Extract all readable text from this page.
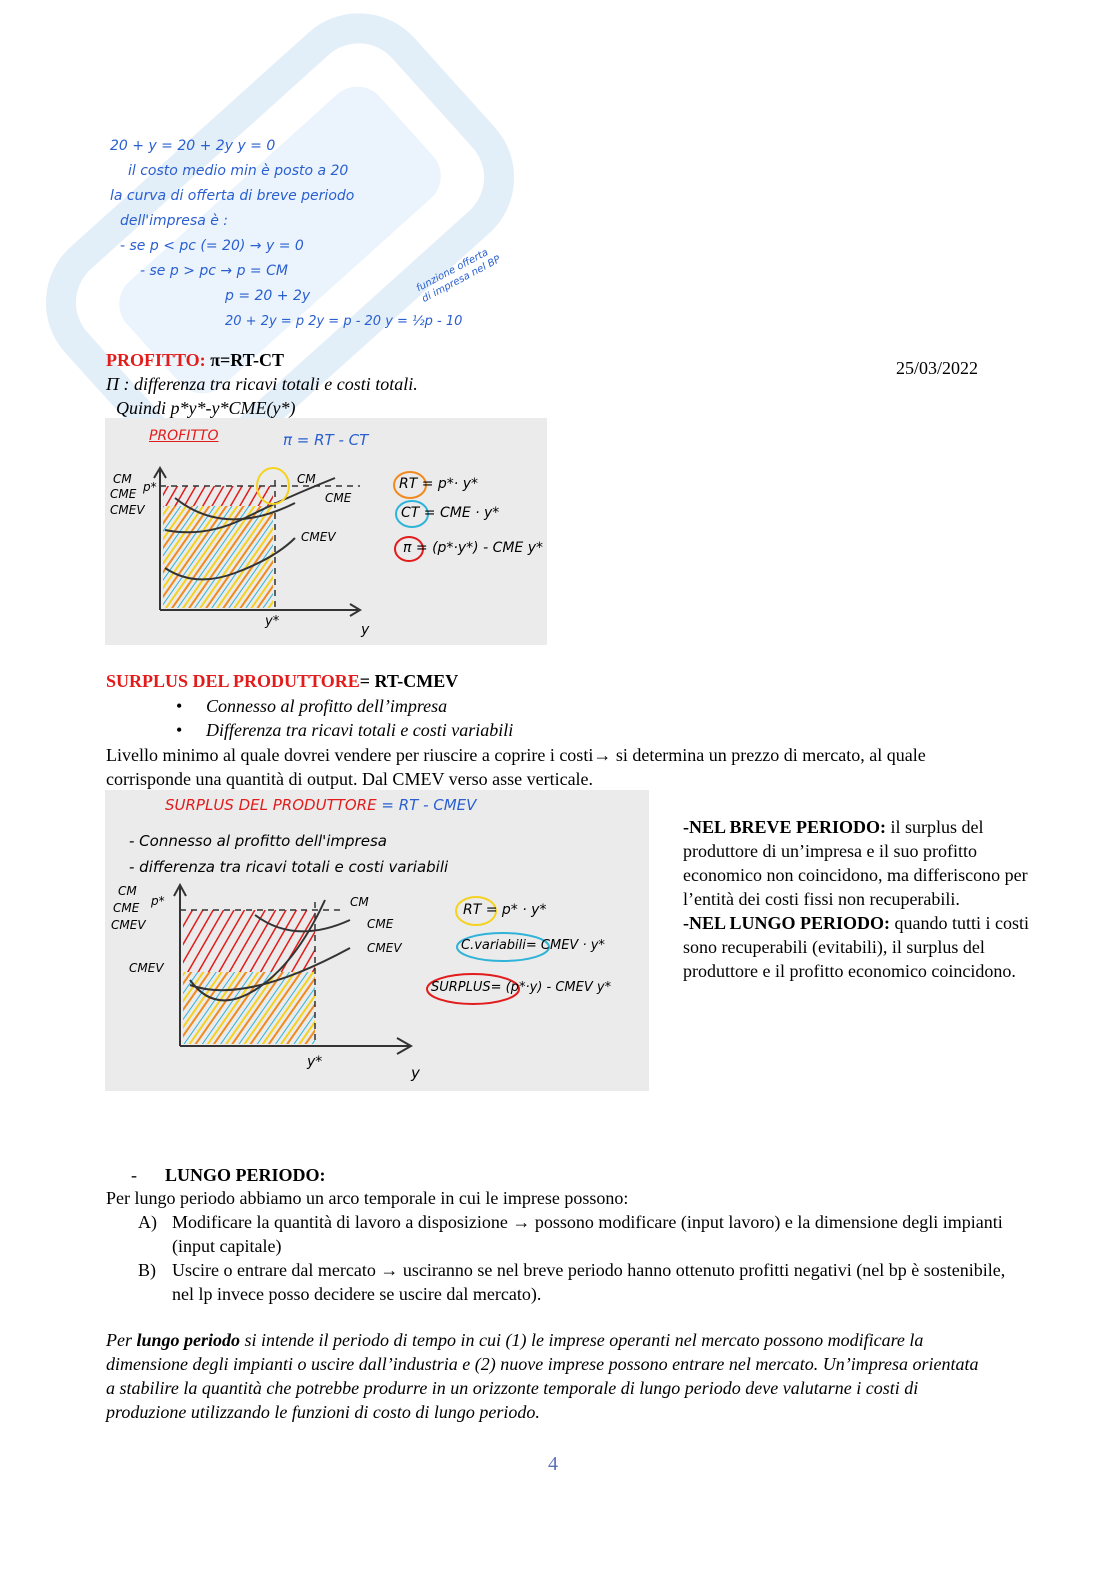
20 + y = 20 + 2y y = 0
il costo medio min è posto a 20
la curva di offerta di breve periodo
dell'impresa è :
- se p < pc (= 20) → y = 0
- se p > pc → p = CM
p = 20 + 2y
20 + 2y = p 2y = p - 20 y = ½p - 10
funzione offerta di impresa nel BP
PROFITTO: π=RT-CT	25/03/2022
Π : differenza tra ricavi totali e costi totali.
Quindi p*y*-y*CME(y*)
PROFITTO	π = RT - CT
CM
CME
CMEV
p*
CM
CME
CMEV
RT = p*· y*
CT = CME · y*
π = (p*·y*) - CME y*
y*
y
SURPLUS DEL PRODUTTORE= RT-CMEV
• Connesso al profitto dell’impresa
• Differenza tra ricavi totali e costi variabili
Livello minimo al quale dovrei vendere per riuscire a coprire i costi→ si determina un prezzo di mercato, al quale corrisponde una quantità di output. Dal CMEV verso asse verticale.
SURPLUS DEL PRODUTTORE = RT - CMEV
- Connesso al profitto dell'impresa
- differenza tra ricavi totali e costi variabili
CM
CME
CMEV
p*
CMEV
CM
CME
CMEV
RT = p* · y*
C.variabili= CMEV · y*
SURPLUS= (p*·y) - CMEV y*
y*
y
-NEL BREVE PERIODO: il surplus del produttore di un’impresa e il suo profitto economico non coincidono, ma differiscono per l’entità dei costi fissi non recuperabili.
-NEL LUNGO PERIODO: quando tutti i costi sono recuperabili (evitabili), il surplus del produttore e il profitto economico coincidono.
- LUNGO PERIODO:
Per lungo periodo abbiamo un arco temporale in cui le imprese possono:
A) Modificare la quantità di lavoro a disposizione → possono modificare (input lavoro) e la dimensione degli impianti (input capitale)
B) Uscire o entrare dal mercato → usciranno se nel breve periodo hanno ottenuto profitti negativi (nel bp è sostenibile, nel lp invece posso decidere se uscire dal mercato).
Per lungo periodo si intende il periodo di tempo in cui (1) le imprese operanti nel mercato possono modificare la dimensione degli impianti o uscire dall’industria e (2) nuove imprese possono entrare nel mercato. Un’impresa orientata a stabilire la quantità che potrebbe produrre in un orizzonte temporale di lungo periodo deve valutarne i costi di produzione utilizzando le funzioni di costo di lungo periodo.
4
